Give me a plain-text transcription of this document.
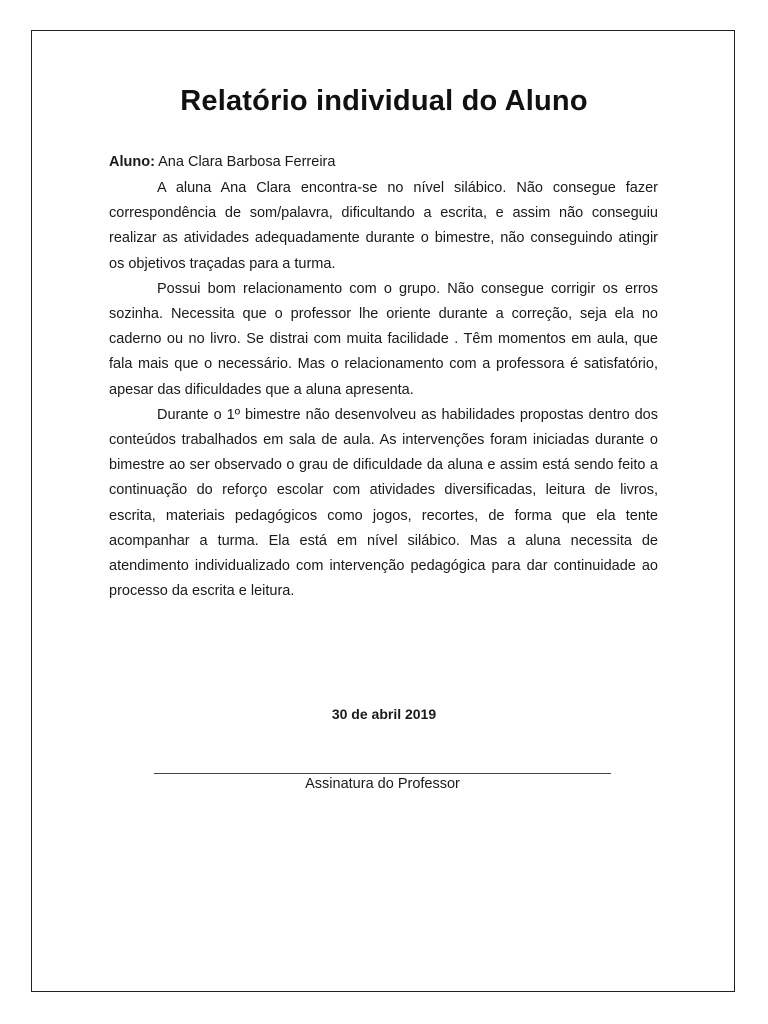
Relatório individual do Aluno
Aluno: Ana Clara Barbosa Ferreira

A aluna Ana Clara encontra-se no nível silábico. Não consegue fazer correspondência de som/palavra, dificultando a escrita, e assim não conseguiu realizar as atividades adequadamente durante o bimestre, não conseguindo atingir os objetivos traçadas para a turma.

Possui bom relacionamento com o grupo. Não consegue corrigir os erros sozinha. Necessita que o professor lhe oriente durante a correção, seja ela no caderno ou no livro. Se distrai com muita facilidade . Têm momentos em aula, que fala mais que o necessário. Mas o relacionamento com a professora é satisfatório, apesar das dificuldades que a aluna apresenta.

Durante o 1º bimestre não desenvolveu as habilidades propostas dentro dos conteúdos trabalhados em sala de aula. As intervenções foram iniciadas durante o bimestre ao ser observado o grau de dificuldade da aluna e assim está sendo feito a continuação do reforço escolar com atividades diversificadas, leitura de livros, escrita, materiais pedagógicos como jogos, recortes, de forma que ela tente acompanhar a turma. Ela está em nível silábico. Mas a aluna necessita de atendimento individualizado com intervenção pedagógica para dar continuidade ao processo da escrita e leitura.

30 de abril 2019
Assinatura do Professor
